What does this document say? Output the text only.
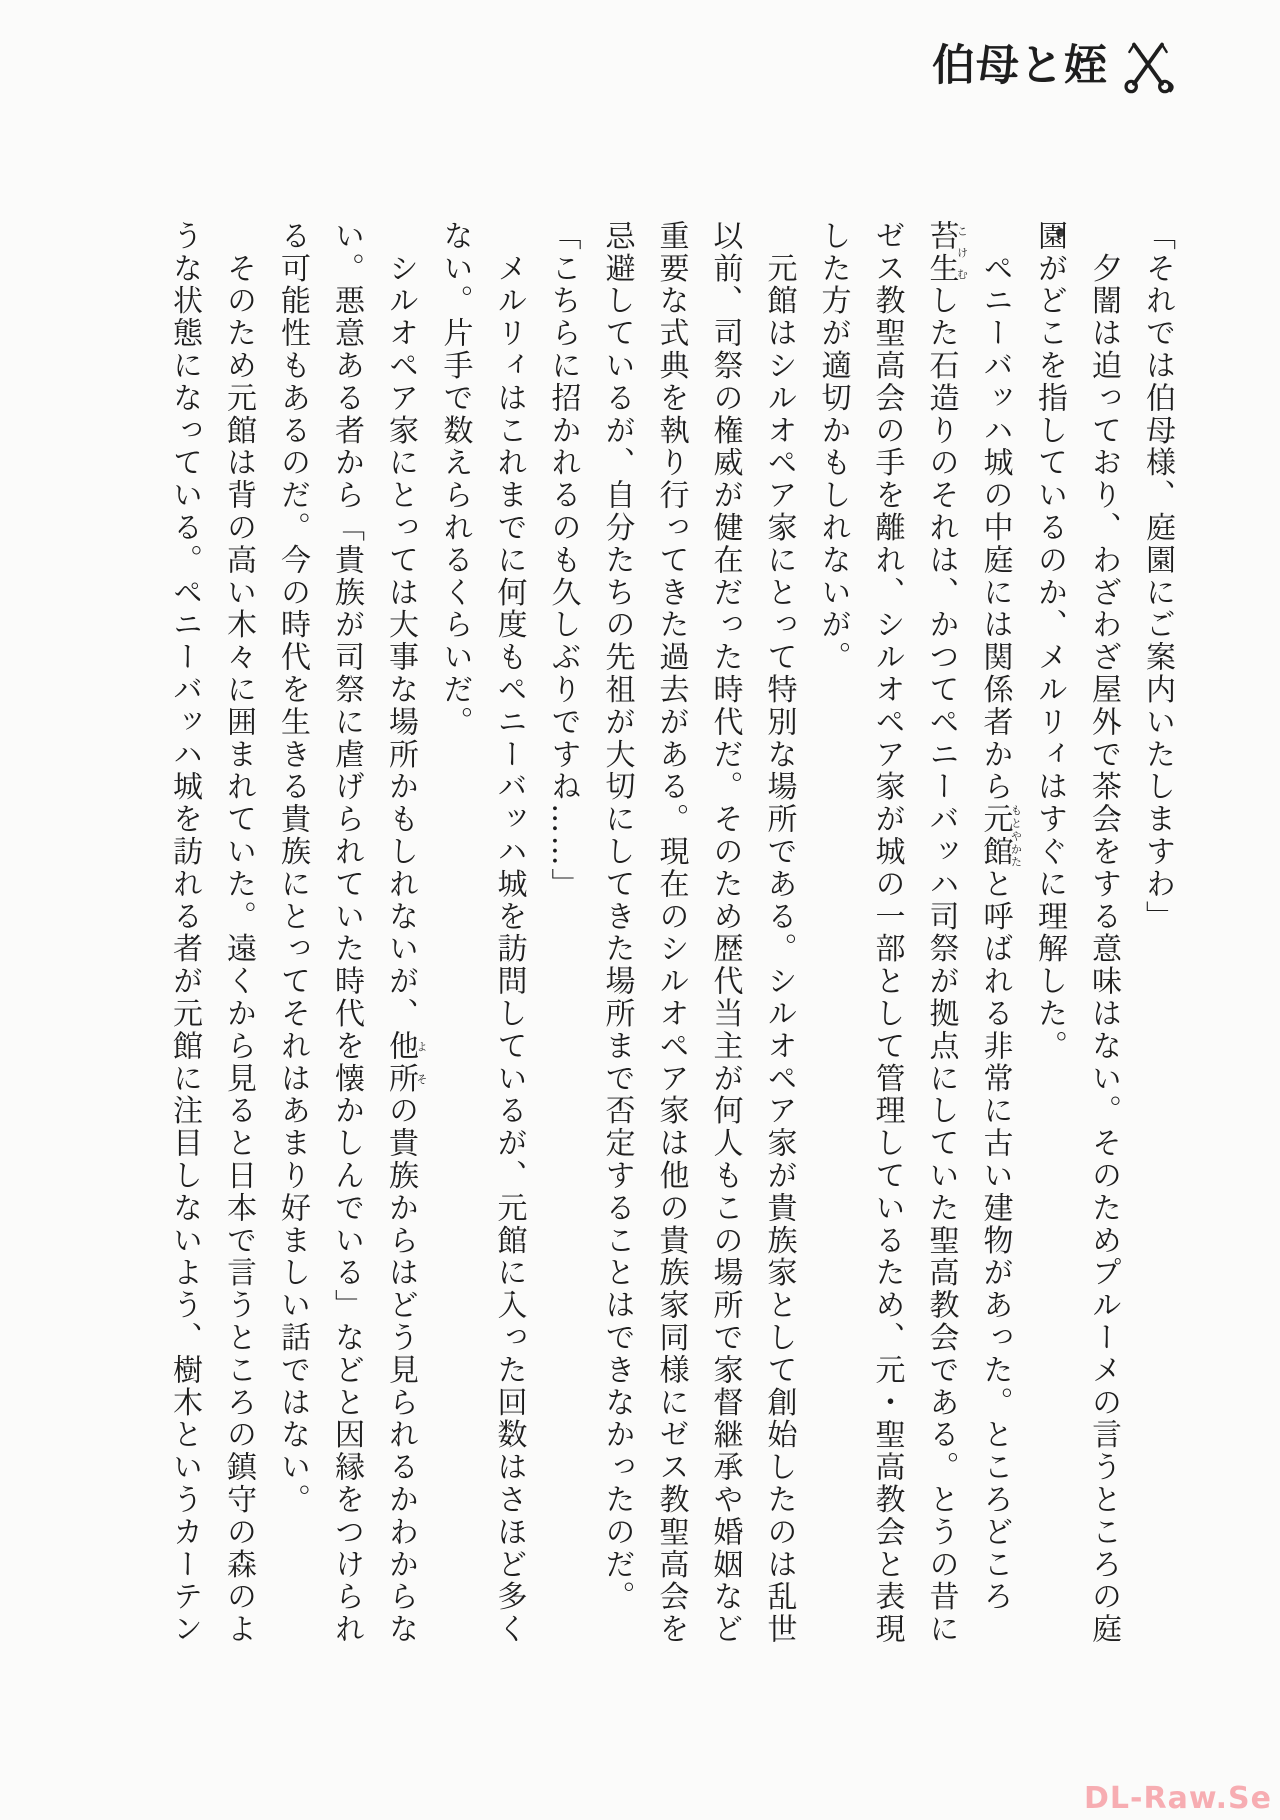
伯母と姪

「それでは伯母様、庭園にご案内いたしますわ」

　夕闇は迫っており、わざわざ屋外で茶会をする意味はない。そのためプルーメの言うところの庭園がどこを指しているのか、メルリィはすぐに理解した。

　ペニーバッハ城の中庭には関係者から元館もとやかたと呼ばれる非常に古い建物があった。ところどころ苔生こけむした石造りのそれは、かつてペニーバッハ司祭が拠点にしていた聖高教会である。とうの昔にゼス教聖高会の手を離れ、シルオペア家が城の一部として管理しているため、元・聖高教会と表現した方が適切かもしれないが。

　元館はシルオペア家にとって特別な場所である。シルオペア家が貴族家として創始したのは乱世以前、司祭の権威が健在だった時代だ。そのため歴代当主が何人もこの場所で家督継承や婚姻など重要な式典を執り行ってきた過去がある。現在のシルオペア家は他の貴族家同様にゼス教聖高会を忌避しているが、自分たちの先祖が大切にしてきた場所まで否定することはできなかったのだ。

「こちらに招かれるのも久しぶりですね……」

　メルリィはこれまでに何度もペニーバッハ城を訪問しているが、元館に入った回数はさほど多くない。片手で数えられるくらいだ。

　シルオペア家にとっては大事な場所かもしれないが、他所よその貴族からはどう見られるかわからない。悪意ある者から「貴族が司祭に虐げられていた時代を懐かしんでいる」などと因縁をつけられる可能性もあるのだ。今の時代を生きる貴族にとってそれはあまり好ましい話ではない。

　そのため元館は背の高い木々に囲まれていた。遠くから見ると日本で言うところの鎮守の森のような状態になっている。ペニーバッハ城を訪れる者が元館に注目しないよう、樹木というカーテン

DL-Raw.Se
